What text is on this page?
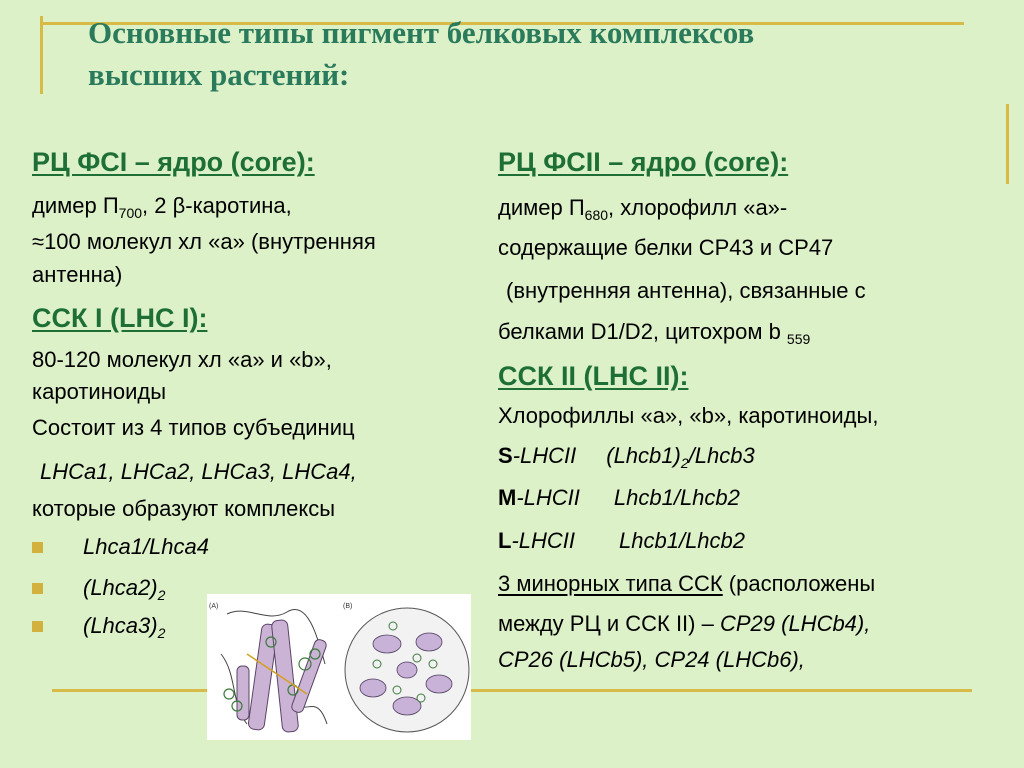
Основные типы пигмент белковых комплексов
высших растений:
РЦ ФСI – ядро (core):
димер $П_{700}$, 2 β-каротина,
≈100 молекул хл «а» (внутренняя
антенна)
ССК I (LHC I):
80-120 молекул хл «а» и «b»,
каротиноиды
Состоит из 4 типов субъединиц
LHCa1, LHCa2, LHCa3, LHCa4,
которые образуют комплексы
Lhca1/Lhca4
$(Lhca2)_2$
$(Lhca3)_2$
РЦ ФСII – ядро (core):
димер $П_{680}$, хлорофилл «а»-
содержащие белки CP43 и CP47
(внутренняя антенна), связанные с
белками D1/D2, цитохром b $_{559}$
ССК II (LHC II):
Хлорофиллы «а», «b», каротиноиды,
S-LHCII $(Lhcb1)_2/Lhcb3$
M-LHCII Lhcb1/Lhcb2
L-LHCII Lhcb1/Lhcb2
3 минорных типа ССК (расположены
между РЦ и ССК II) – CP29 (LHCb4),
CP26 (LHCb5), CP24 (LHCb6),
(A)	(B)
